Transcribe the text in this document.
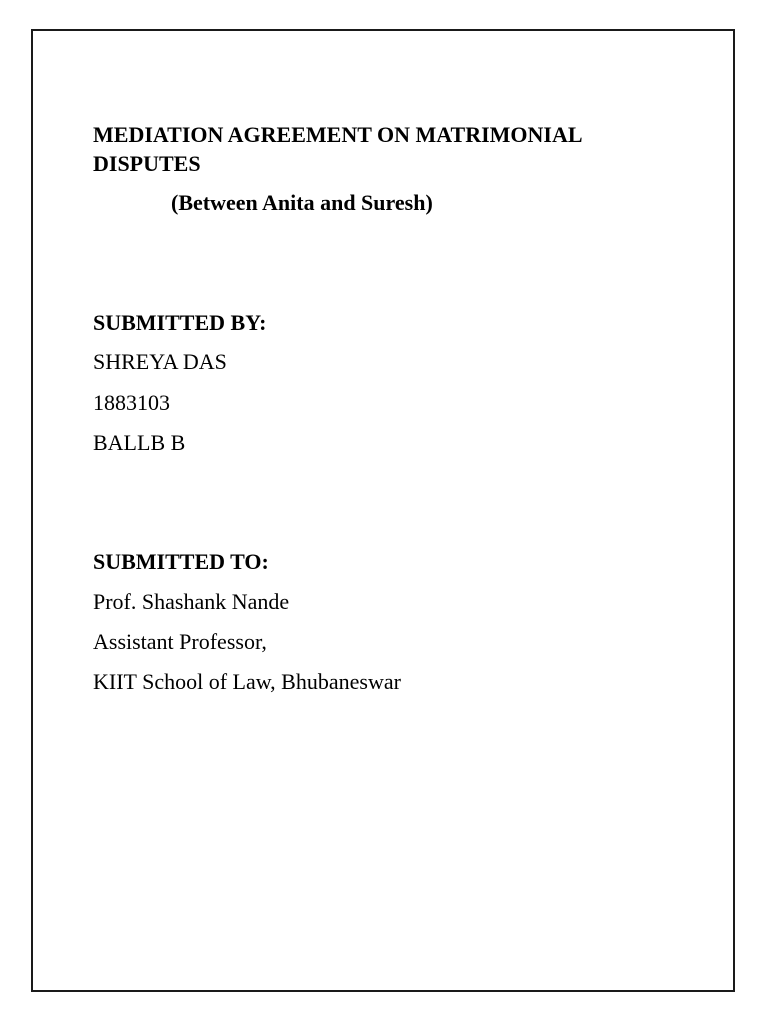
MEDIATION AGREEMENT ON MATRIMONIAL DISPUTES

(Between Anita and Suresh)

SUBMITTED BY:

SHREYA DAS

1883103

BALLB B

SUBMITTED TO:

Prof. Shashank Nande

Assistant Professor,

KIIT School of Law, Bhubaneswar
